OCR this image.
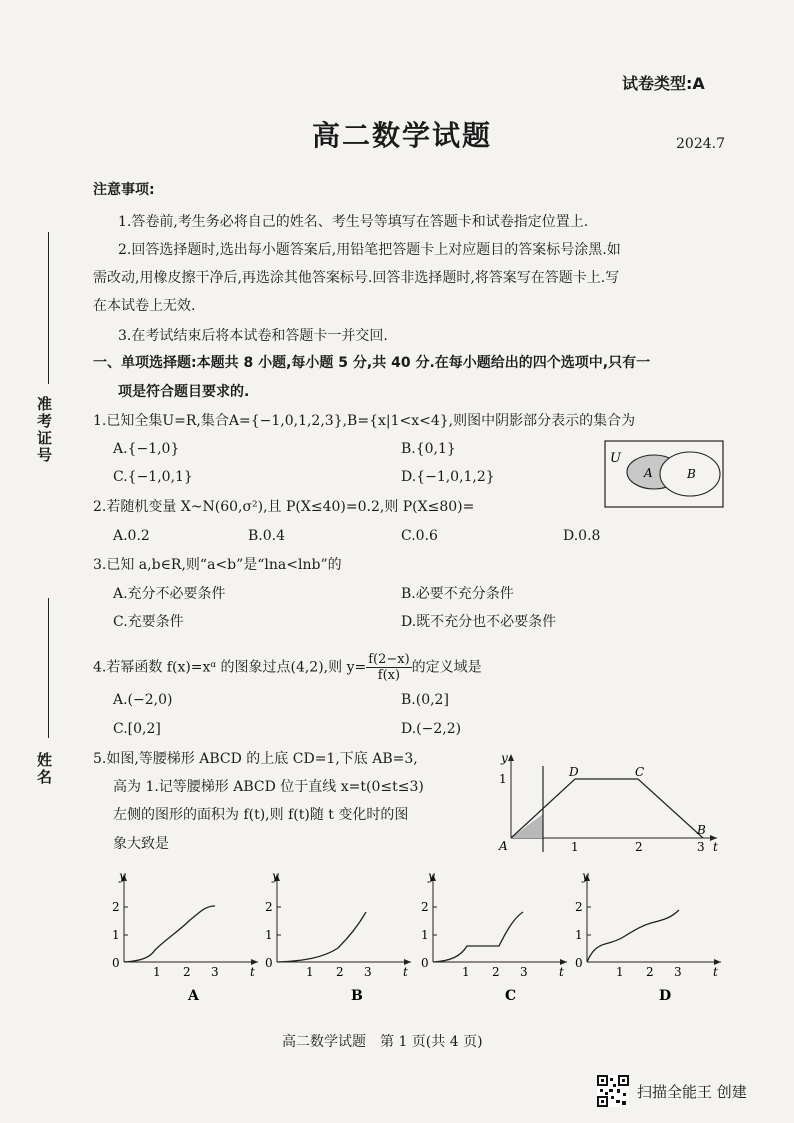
试卷类型:A
高二数学试题	2024.7
准考证号
姓名
注意事项:
1.答卷前,考生务必将自己的姓名、考生号等填写在答题卡和试卷指定位置上.
2.回答选择题时,选出每小题答案后,用铅笔把答题卡上对应题目的答案标号涂黑.如
需改动,用橡皮擦干净后,再选涂其他答案标号.回答非选择题时,将答案写在答题卡上.写
在本试卷上无效.
3.在考试结束后将本试卷和答题卡一并交回.
一、单项选择题:本题共 8 小题,每小题 5 分,共 40 分.在每小题给出的四个选项中,只有一
项是符合题目要求的.
1.已知全集U=R,集合A={−1,0,1,2,3},B={x|1<x<4},则图中阴影部分表示的集合为
A.{−1,0}	B.{0,1}
C.{−1,0,1}	D.{−1,0,1,2}
U
A	B
2.若随机变量 X~N(60,σ²),且 P(X≤40)=0.2,则 P(X≤80)=
A.0.2	B.0.4	C.0.6	D.0.8
3.已知 a,b∈R,则“a<b”是“lna<lnb”的
A.充分不必要条件	B.必要不充分条件
C.充要条件	D.既不充分也不必要条件
4.若幂函数 f(x)=xᵅ 的图象过点(4,2),则 $y= \frac{f(2-x)}{f(x)}$ 的定义域是
A.(−2,0)	B.(0,2]
C.[0,2]	D.(−2,2)
5.如图,等腰梯形 ABCD 的上底 CD=1,下底 AB=3,
高为 1.记等腰梯形 ABCD 位于直线 x=t(0≤t≤3)
左侧的图形的面积为 f(t),则 f(t)随 t 变化时的图
象大致是
y
1
A
D	C
B
1	2	3 t
y
0
1
2
1 2 3	t
A
y
0
1
2
1 2 3	t
B
y
0
1
2
1 2 3	t
C
y
0
1
2
1 2 3	t
D
高二数学试题　第 1 页(共 4 页)
扫描全能王 创建
